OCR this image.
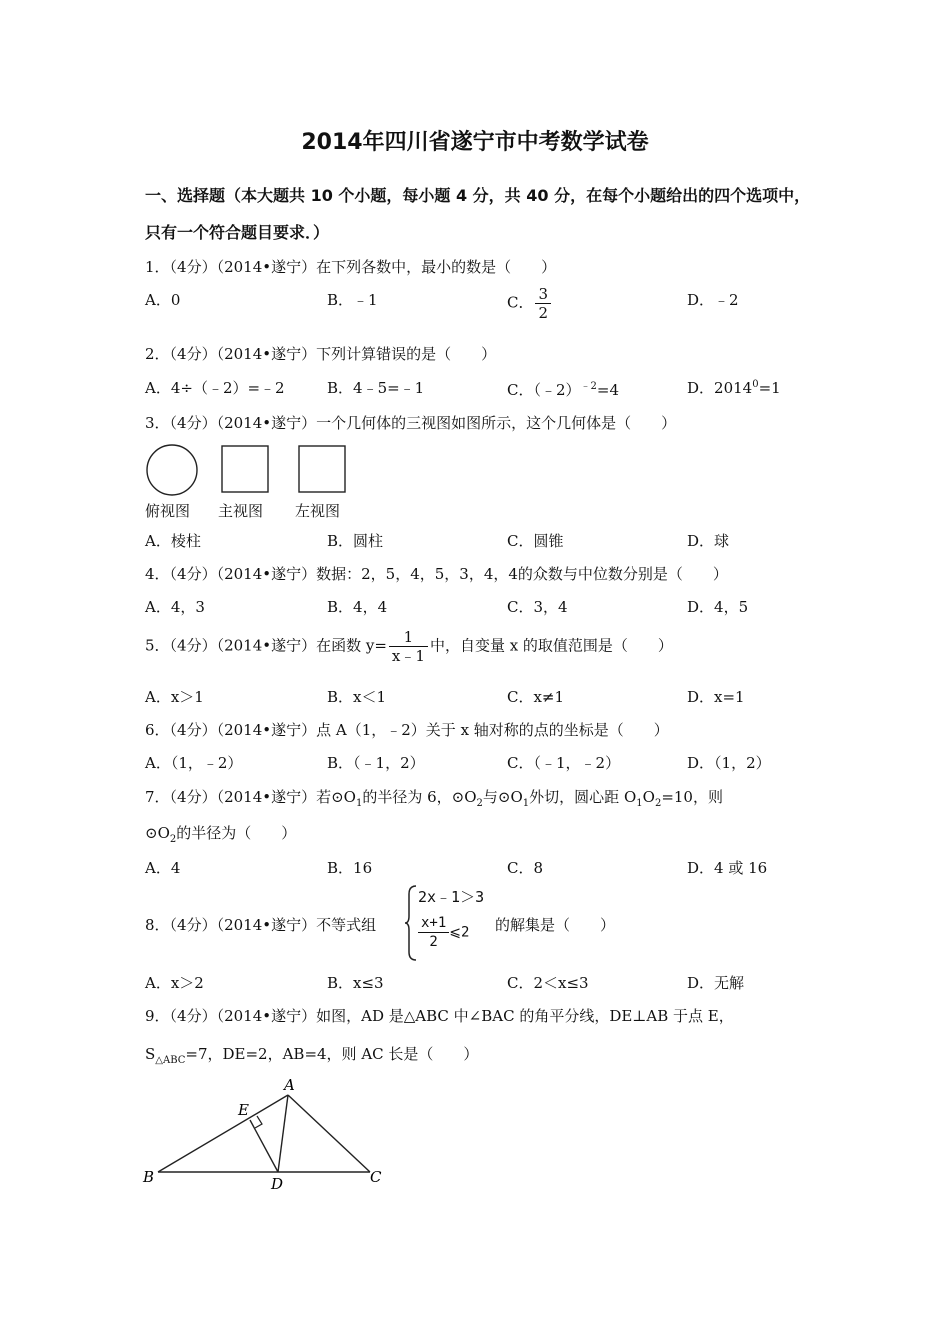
2014年四川省遂宁市中考数学试卷
一、选择题（本大题共 10 个小题，每小题 4 分，共 40 分，在每个小题给出的四个选项中，
只有一个符合题目要求．）
1．（4分）（2014•遂宁）在下列各数中，最小的数是（　　）
A．0	B．﹣1	C． $\frac{3}{2}$	D．﹣2
2．（4分）（2014•遂宁）下列计算错误的是（　　）
A．4÷（﹣2）=﹣2	B．4﹣5=﹣1	C．（﹣2）$^{﹣2}$=4	D．$2014^0=1$
3．（4分）（2014•遂宁）一个几何体的三视图如图所示，这个几何体是（　　）
俯视图 主视图 左视图
A．棱柱	B．圆柱	C．圆锥	D．球
4．（4分）（2014•遂宁）数据：2，5，4，5，3，4，4的众数与中位数分别是（　　）
A．4，3	B．4，4	C．3，4	D．4，5
5．（4分）（2014•遂宁）在函数 $y= \frac{1}{x﹣1}$ 中，自变量 x 的取值范围是（　　）
A．x＞1	B．x＜1	C．x≠1	D．x=1
6．（4分）（2014•遂宁）点 A（1，﹣2）关于 x 轴对称的点的坐标是（　　）
A．（1，﹣2）	B．（﹣1，2）	C．（﹣1，﹣2）	D．（1，2）
7．（4分）（2014•遂宁）若$⊙O_1$的半径为 6，$⊙O_2$与$⊙O_1$外切，圆心距 $O_1O_2=10$，则
$⊙O_2$的半径为（　　）
A．4	B．16	C．8	D．4 或 16
8．（4分）（2014•遂宁）不等式组
2x﹣1＞3
$\frac{x+1}{2}$ ⩽2 的解集是（　　）
A．x＞2	B．x≤3	C．2＜x≤3	D．无解
9．（4分）（2014•遂宁）如图，AD 是△ABC 中∠BAC 的角平分线，DE⊥AB 于点 E，
$S_{\triangle ABC}=7$，DE=2，AB=4，则 AC 长是（　　）
A
B	C
D
E
